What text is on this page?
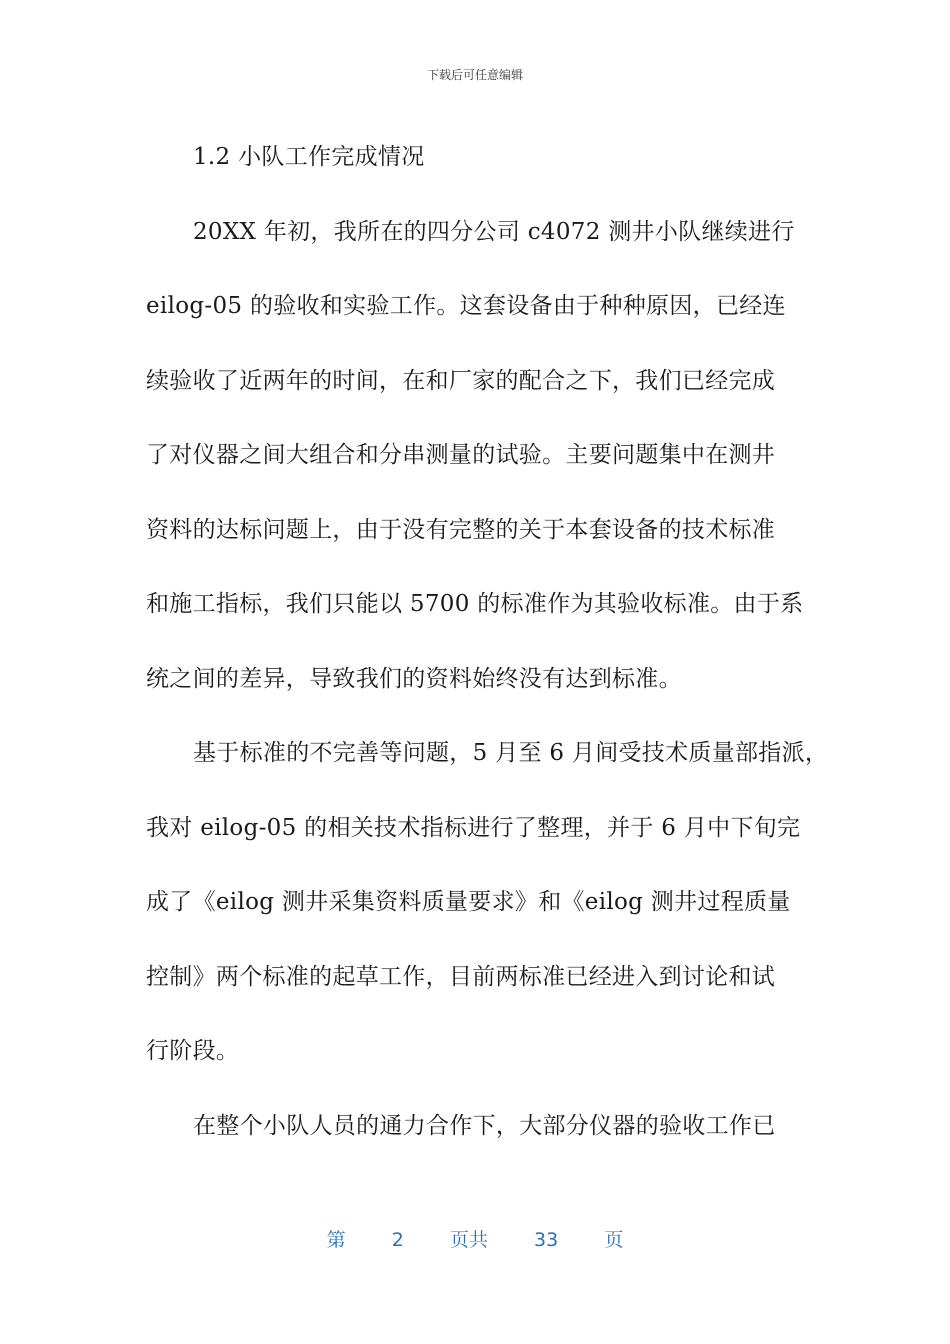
下载后可任意编辑
1.2 小队工作完成情况
20XX 年初，我所在的四分公司 c4072 测井小队继续进行
eilog-05 的验收和实验工作。这套设备由于种种原因，已经连
续验收了近两年的时间，在和厂家的配合之下，我们已经完成
了对仪器之间大组合和分串测量的试验。主要问题集中在测井
资料的达标问题上，由于没有完整的关于本套设备的技术标准
和施工指标，我们只能以 5700 的标准作为其验收标准。由于系
统之间的差异，导致我们的资料始终没有达到标准。
基于标准的不完善等问题，5 月至 6 月间受技术质量部指派，
我对 eilog-05 的相关技术指标进行了整理，并于 6 月中下旬完
成了《eilog 测井采集资料质量要求》和《eilog 测井过程质量
控制》两个标准的起草工作，目前两标准已经进入到讨论和试
行阶段。
在整个小队人员的通力合作下，大部分仪器的验收工作已
第 2 页共 33 页
